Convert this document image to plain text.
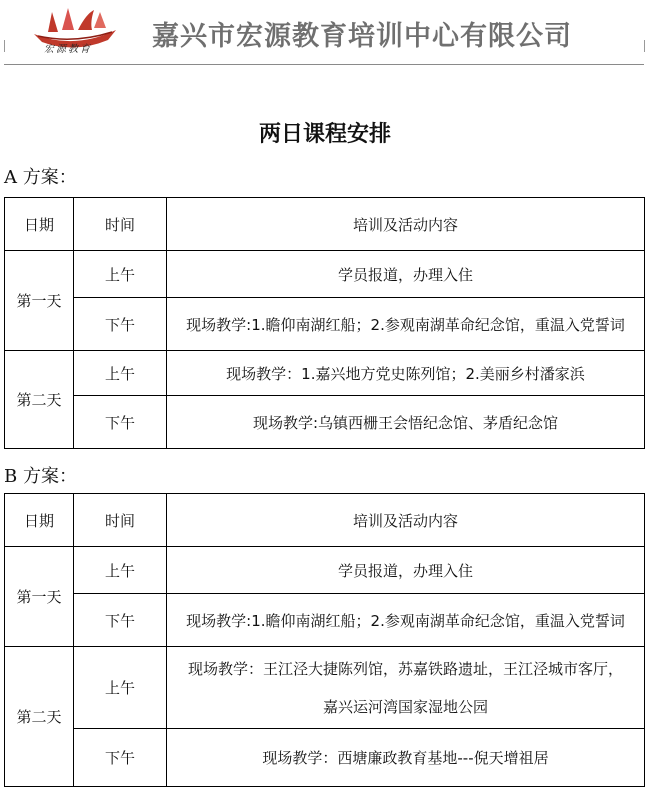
宏源教育 嘉兴市宏源教育培训中心有限公司
两日课程安排
A 方案：
日期	时间	培训及活动内容
第一天	上午	学员报道，办理入住
	下午	现场教学:1.瞻仰南湖红船；2.参观南湖革命纪念馆，重温入党誓词
第二天	上午	现场教学：1.嘉兴地方党史陈列馆；2.美丽乡村潘家浜
	下午	现场教学:乌镇西栅王会悟纪念馆、茅盾纪念馆
B 方案：
日期	时间	培训及活动内容
第一天	上午	学员报道，办理入住
	下午	现场教学:1.瞻仰南湖红船；2.参观南湖革命纪念馆，重温入党誓词
第二天	上午	现场教学：王江泾大捷陈列馆，苏嘉铁路遗址，王江泾城市客厅，
嘉兴运河湾国家湿地公园

	下午	现场教学：西塘廉政教育基地---倪天增祖居
